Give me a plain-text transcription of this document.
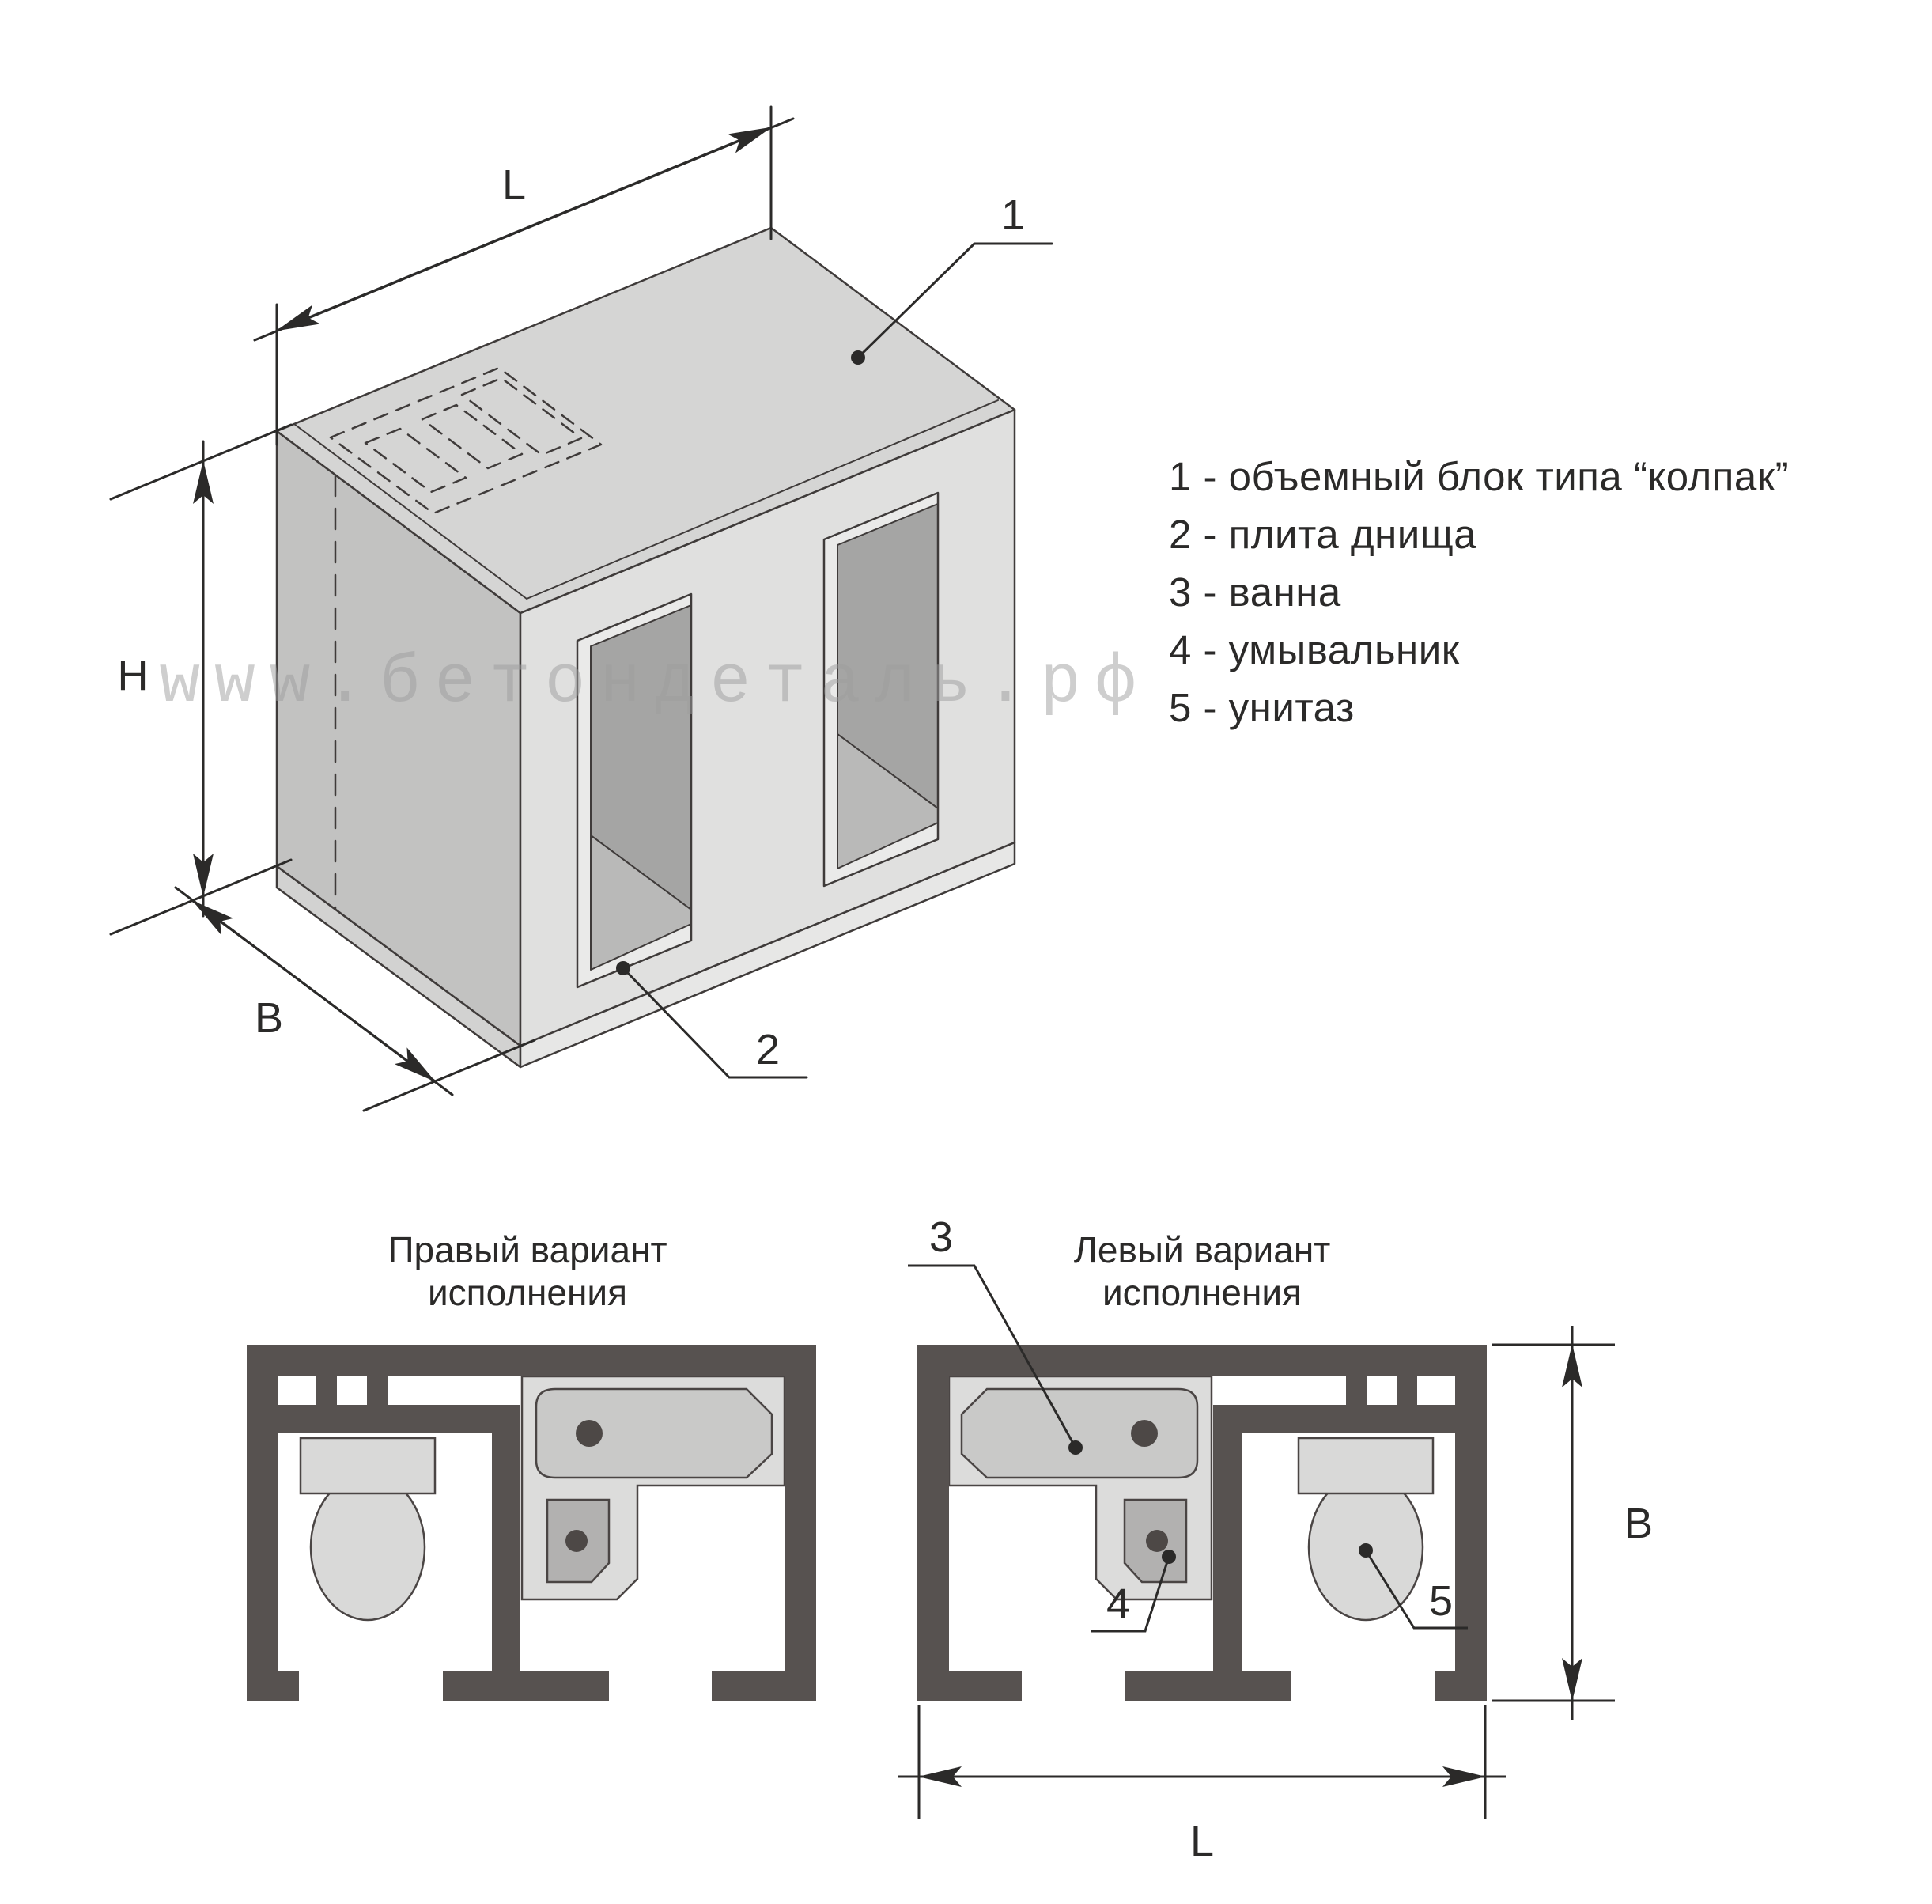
L
H
B
1
2
www.бетондеталь.рф
1 - объемный блок типа “колпак”
2 - плита днища
3 - ванна
4 - умывальник
5 - унитаз
Правый вариант
исполнения
Левый вариант
исполнения
3
4	5
B
L
